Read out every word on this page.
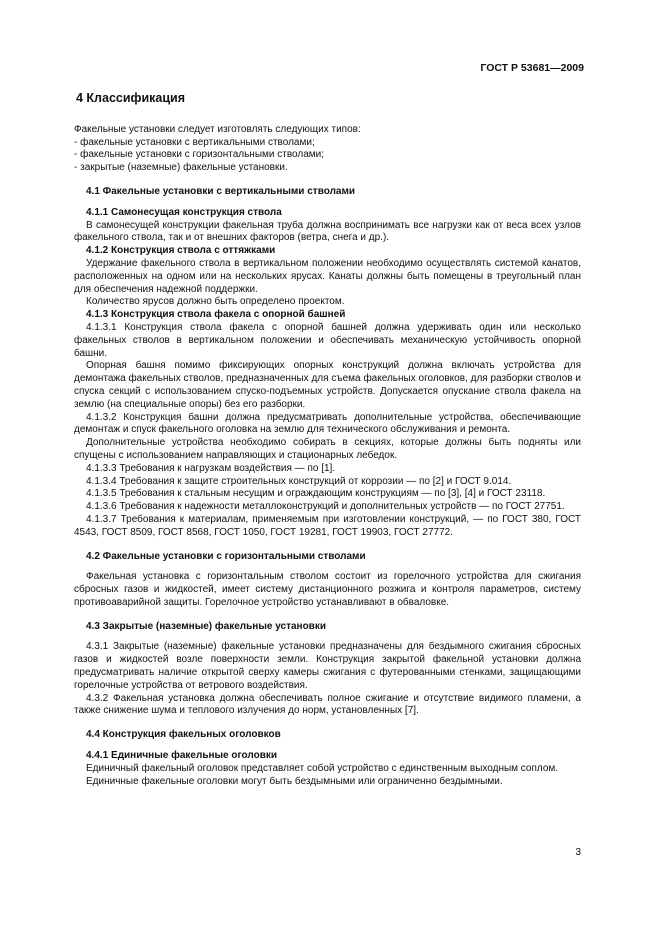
ГОСТ Р 53681—2009
4 Классификация

Факельные установки следует изготовлять следующих типов:

- факельные установки с вертикальными стволами;

- факельные установки с горизонтальными стволами;

- закрытые (наземные) факельные установки.

4.1 Факельные установки с вертикальными стволами
4.1.1 Самонесущая конструкция ствола

В самонесущей конструкции факельная труба должна воспринимать все нагрузки как от веса всех узлов факельного ствола, так и от внешних факторов (ветра, снега и др.).

4.1.2 Конструкция ствола с оттяжками

Удержание факельного ствола в вертикальном положении необходимо осуществлять системой канатов, расположенных на одном или на нескольких ярусах. Канаты должны быть помещены в треугольный план для обеспечения надежной поддержки.

Количество ярусов должно быть определено проектом.

4.1.3 Конструкция ствола факела с опорной башней

4.1.3.1 Конструкция ствола факела с опорной башней должна удерживать один или несколько факельных стволов в вертикальном положении и обеспечивать механическую устойчивость опорной башни.

Опорная башня помимо фиксирующих опорных конструкций должна включать устройства для демонтажа факельных стволов, предназначенных для съема факельных оголовков, для разборки стволов и спуска секций с использованием спуско-подъемных устройств. Допускается опускание ствола факела на землю (на специальные опоры) без его разборки.

4.1.3.2 Конструкция башни должна предусматривать дополнительные устройства, обеспечивающие демонтаж и спуск факельного оголовка на землю для технического обслуживания и ремонта.

Дополнительные устройства необходимо собирать в секциях, которые должны быть подняты или спущены с использованием направляющих и стационарных лебедок.

4.1.3.3 Требования к нагрузкам воздействия — по [1].

4.1.3.4 Требования к защите строительных конструкций от коррозии — по [2] и ГОСТ 9.014.

4.1.3.5 Требования к стальным несущим и ограждающим конструкциям — по [3], [4] и ГОСТ 23118.

4.1.3.6 Требования к надежности металлоконструкций и дополнительных устройств — по ГОСТ 27751.

4.1.3.7 Требования к материалам, применяемым при изготовлении конструкций, — по ГОСТ 380, ГОСТ 4543, ГОСТ 8509, ГОСТ 8568, ГОСТ 1050, ГОСТ 19281, ГОСТ 19903, ГОСТ 27772.

4.2 Факельные установки с горизонтальными стволами

Факельная установка с горизонтальным стволом состоит из горелочного устройства для сжигания сбросных газов и жидкостей, имеет систему дистанционного розжига и контроля параметров, систему противоаварийной защиты. Горелочное устройство устанавливают в обваловке.

4.3 Закрытые (наземные) факельные установки

4.3.1 Закрытые (наземные) факельные установки предназначены для бездымного сжигания сбросных газов и жидкостей возле поверхности земли. Конструкция закрытой факельной установки должна предусматривать наличие открытой сверху камеры сжигания с футерованными стенками, защищающими горелочные устройства от ветрового воздействия.

4.3.2 Факельная установка должна обеспечивать полное сжигание и отсутствие видимого пламени, а также снижение шума и теплового излучения до норм, установленных [7].

4.4 Конструкция факельных оголовков
4.4.1 Единичные факельные оголовки

Единичный факельный оголовок представляет собой устройство с единственным выходным соплом.

Единичные факельные оголовки могут быть бездымными или ограниченно бездымными.

3
